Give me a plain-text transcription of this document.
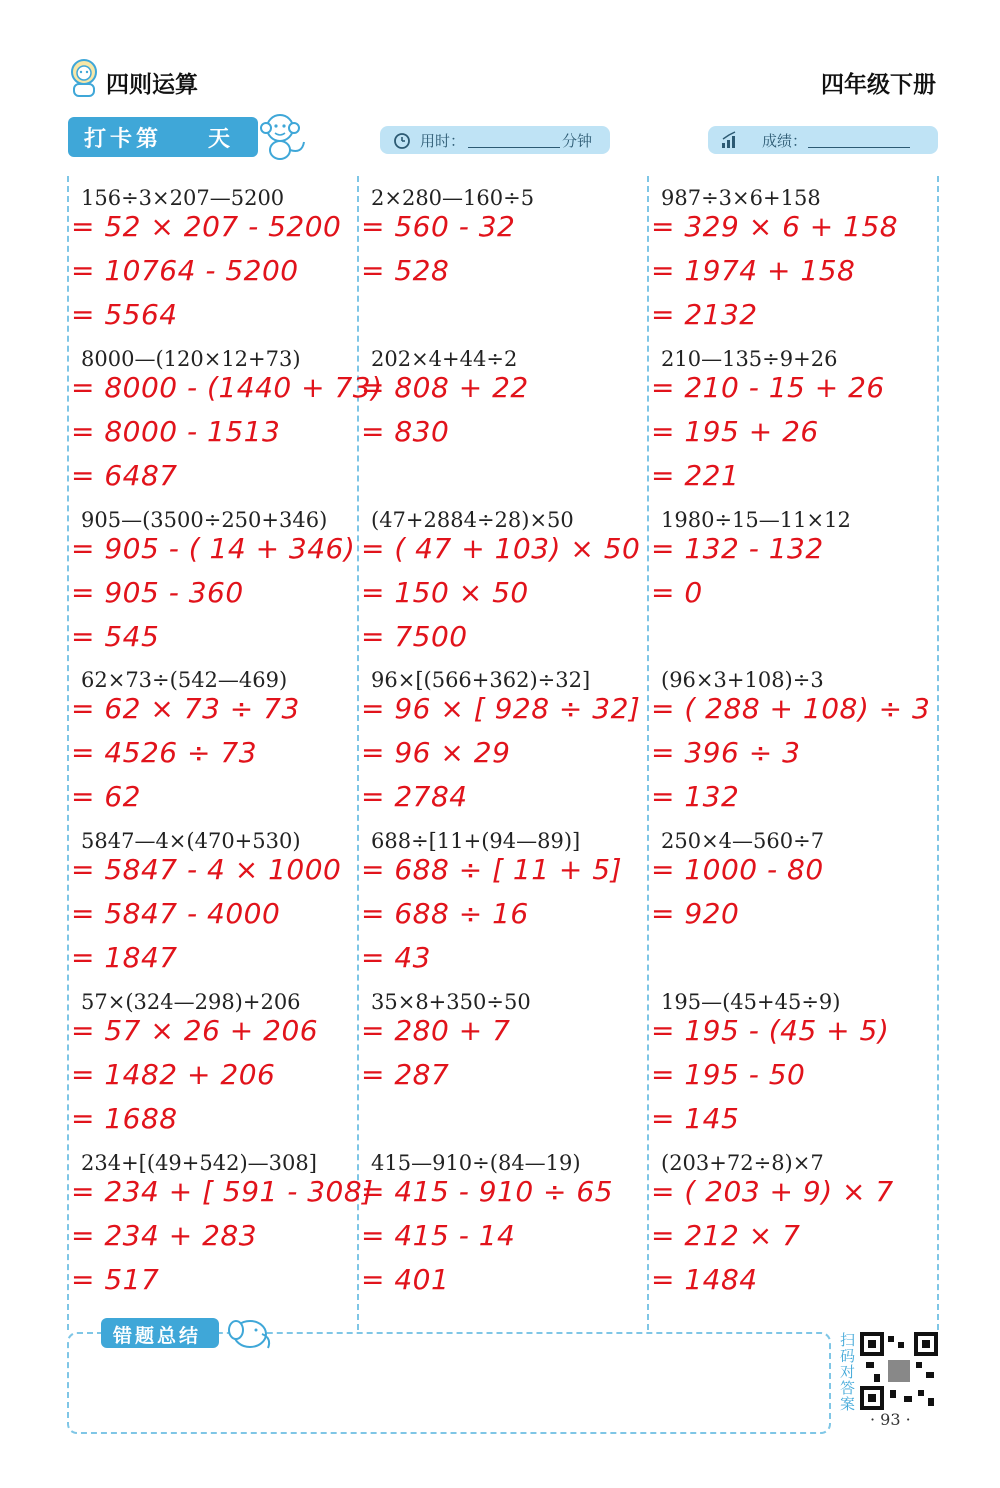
四则运算	四年级下册
打卡第 天	用时：	分钟	成绩：
156÷3×207—5200
= 52 × 207 - 5200
= 10764 - 5200
= 5564
2×280—160÷5
= 560 - 32
= 528
987÷3×6+158
= 329 × 6 + 158
= 1974 + 158
= 2132
8000—(120×12+73)
= 8000 - (1440 + 73)
= 8000 - 1513
= 6487
202×4+44÷2
= 808 + 22
= 830
210—135÷9+26
= 210 - 15 + 26
= 195 + 26
= 221
905—(3500÷250+346)
= 905 - ( 14 + 346)
= 905 - 360
= 545
(47+2884÷28)×50
= ( 47 + 103) × 50
= 150 × 50
= 7500
1980÷15—11×12
= 132 - 132
= 0
62×73÷(542—469)
= 62 × 73 ÷ 73
= 4526 ÷ 73
= 62
96×[(566+362)÷32]
= 96 × [ 928 ÷ 32]
= 96 × 29
= 2784
(96×3+108)÷3
= ( 288 + 108) ÷ 3
= 396 ÷ 3
= 132
5847—4×(470+530)
= 5847 - 4 × 1000
= 5847 - 4000
= 1847
688÷[11+(94—89)]
= 688 ÷ [ 11 + 5]
= 688 ÷ 16
= 43
250×4—560÷7
= 1000 - 80
= 920
57×(324—298)+206
= 57 × 26 + 206
= 1482 + 206
= 1688
35×8+350÷50
= 280 + 7
= 287
195—(45+45÷9)
= 195 - (45 + 5)
= 195 - 50
= 145
234+[(49+542)—308]
= 234 + [ 591 - 308]
= 234 + 283
= 517
415—910÷(84—19)
= 415 - 910 ÷ 65
= 415 - 14
= 401
(203+72÷8)×7
= ( 203 + 9) × 7
= 212 × 7
= 1484
错题总结	扫码对答案
· 93 ·
